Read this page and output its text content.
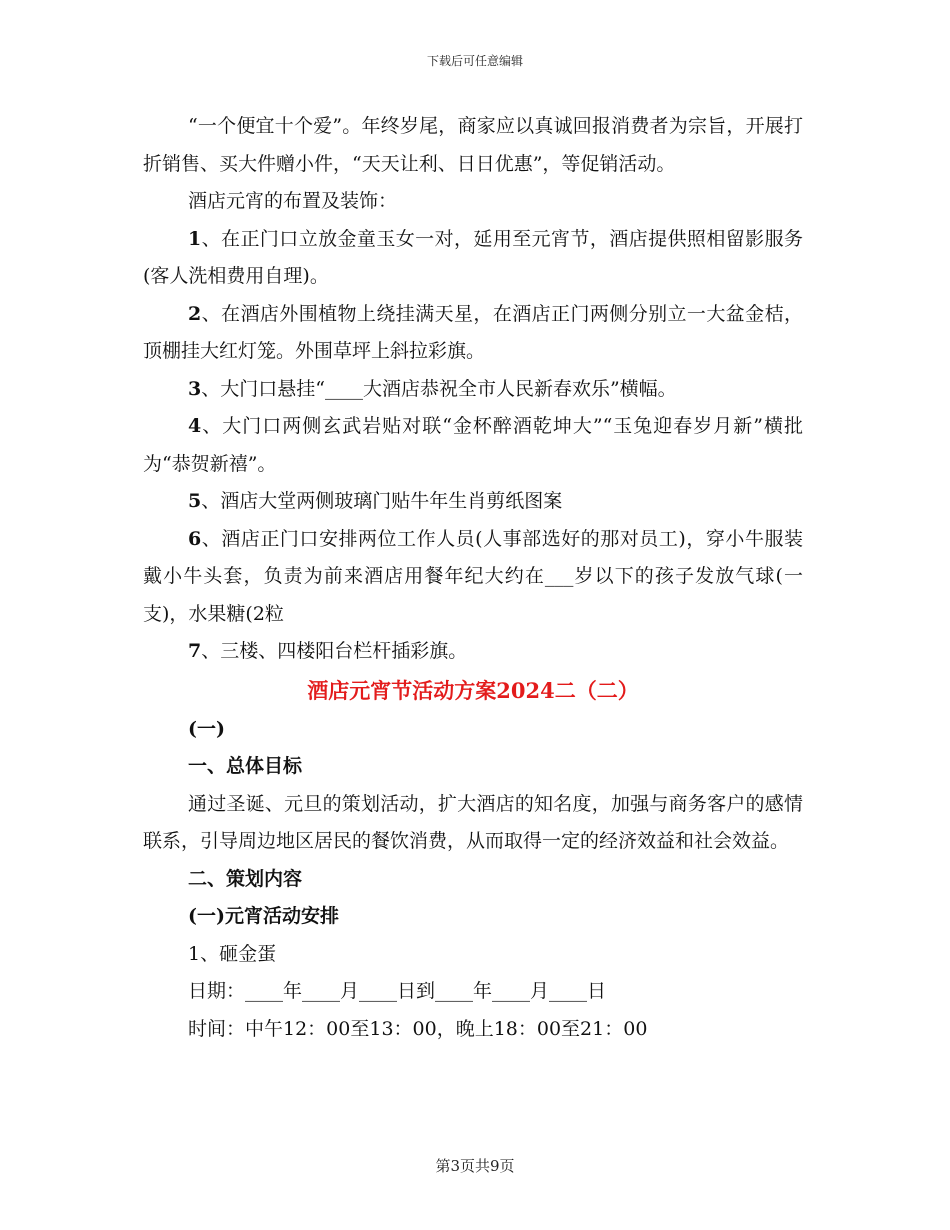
下载后可任意编辑

“一个便宜十个爱”。年终岁尾，商家应以真诚回报消费者为宗旨，开展打折销售、买大件赠小件，“天天让利、日日优惠”，等促销活动。

酒店元宵的布置及装饰：

1、在正门口立放金童玉女一对，延用至元宵节，酒店提供照相留影服务(客人洗相费用自理)。

2、在酒店外围植物上绕挂满天星，在酒店正门两侧分别立一大盆金桔，顶棚挂大红灯笼。外围草坪上斜拉彩旗。

3、大门口悬挂“____大酒店恭祝全市人民新春欢乐”横幅。

4、大门口两侧玄武岩贴对联“金杯醉酒乾坤大”“玉兔迎春岁月新”横批为“恭贺新禧”。

5、酒店大堂两侧玻璃门贴牛年生肖剪纸图案

6、酒店正门口安排两位工作人员(人事部选好的那对员工)，穿小牛服装戴小牛头套，负责为前来酒店用餐年纪大约在___岁以下的孩子发放气球(一支)，水果糖(2粒

7、三楼、四楼阳台栏杆插彩旗。

酒店元宵节活动方案2024二（二）

(一)

一、总体目标

通过圣诞、元旦的策划活动，扩大酒店的知名度，加强与商务客户的感情联系，引导周边地区居民的餐饮消费，从而取得一定的经济效益和社会效益。

二、策划内容

(一)元宵活动安排

1、砸金蛋

日期：____年____月____日到____年____月____日

时间：中午12：00至13：00，晚上18：00至21：00

第3页共9页
